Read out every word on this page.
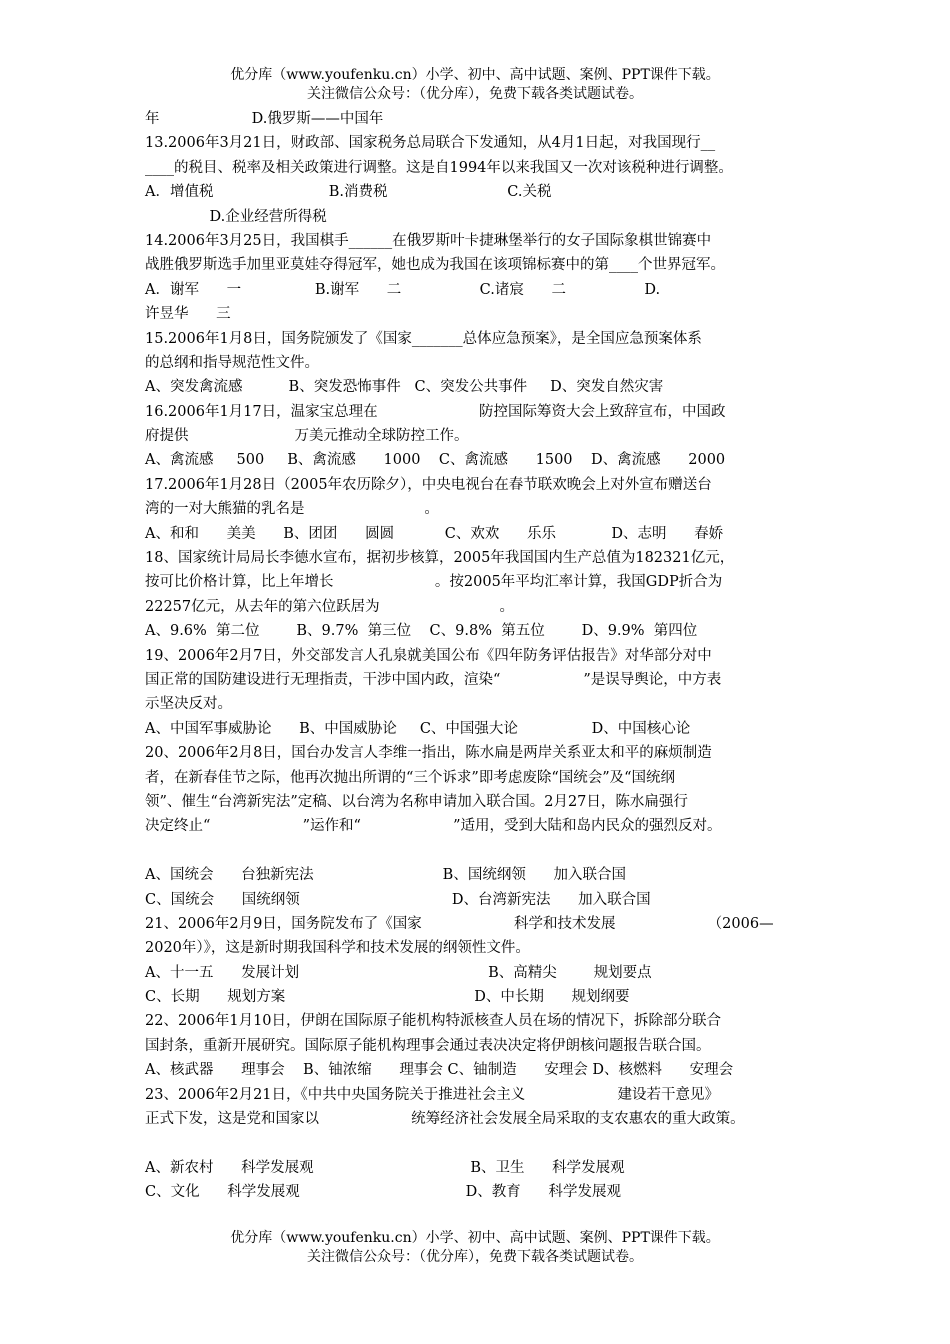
优分库（www.youfenku.cn）小学、初中、高中试题、案例、PPT课件下载。
关注微信公众号：（优分库），免费下载各类试题试卷。
年                    D.俄罗斯——中国年
13.2006年3月21日，财政部、国家税务总局联合下发通知，从4月1日起，对我国现行__
____的税目、税率及相关政策进行调整。这是自1994年以来我国又一次对该税种进行调整。
A．增值税                         B.消费税                          C.关税
D.企业经营所得税
14.2006年3月25日，我国棋手______在俄罗斯叶卡捷琳堡举行的女子国际象棋世锦赛中
战胜俄罗斯选手加里亚莫娃夺得冠军，她也成为我国在该项锦标赛中的第____个世界冠军。
A．谢军      一                B.谢军      二                 C.诸宸      二                 D.
许昱华      三
15.2006年1月8日，国务院颁发了《国家_______总体应急预案》，是全国应急预案体系
的总纲和指导规范性文件。
A、突发禽流感          B、突发恐怖事件   C、突发公共事件     D、突发自然灾害
16.2006年1月17日，温家宝总理在                      防控国际筹资大会上致辞宣布，中国政
府提供                       万美元推动全球防控工作。
A、禽流感     500     B、禽流感      1000    C、禽流感      1500    D、禽流感      2000
17.2006年1月28日（2005年农历除夕），中央电视台在春节联欢晚会上对外宣布赠送台
湾的一对大熊猫的乳名是                          。
A、和和      美美      B、团团      圆圆           C、欢欢      乐乐            D、志明      春娇
18、国家统计局局长李德水宣布，据初步核算，2005年我国国内生产总值为182321亿元，
按可比价格计算，比上年增长                      。按2005年平均汇率计算，我国GDP折合为
22257亿元，从去年的第六位跃居为                          。
A、9.6%  第二位        B、9.7%  第三位    C、9.8%  第五位        D、9.9%  第四位
19、2006年2月7日，外交部发言人孔泉就美国公布《四年防务评估报告》对华部分对中
国正常的国防建设进行无理指责，干涉中国内政，渲染“                  ”是误导舆论，中方表
示坚决反对。
A、中国军事威胁论      B、中国威胁论     C、中国强大论                D、中国核心论
20、2006年2月8日，国台办发言人李维一指出，陈水扁是两岸关系亚太和平的麻烦制造
者，在新春佳节之际，他再次抛出所谓的“三个诉求”即考虑废除“国统会”及“国统纲
领”、催生“台湾新宪法”定稿、以台湾为名称申请加入联合国。2月27日，陈水扁强行
决定终止“                    ”运作和“                    ”适用，受到大陆和岛内民众的强烈反对。
A、国统会      台独新宪法                            B、国统纲领      加入联合国
C、国统会      国统纲领                                 D、台湾新宪法      加入联合国
21、2006年2月9日，国务院发布了《国家                    科学和技术发展                    （2006—
2020年）》，这是新时期我国科学和技术发展的纲领性文件。
A、十一五      发展计划                                         B、高精尖        规划要点
C、长期      规划方案                                         D、中长期      规划纲要
22、2006年1月10日，伊朗在国际原子能机构特派核查人员在场的情况下，拆除部分联合
国封条，重新开展研究。国际原子能机构理事会通过表决决定将伊朗核问题报告联合国。
A、核武器      理事会    B、铀浓缩      理事会 C、铀制造      安理会 D、核燃料      安理会
23、2006年2月21日，《中共中央国务院关于推进社会主义                    建设若干意见》
正式下发，这是党和国家以                    统筹经济社会发展全局采取的支农惠农的重大政策。
A、新农村      科学发展观                                  B、卫生      科学发展观
C、文化      科学发展观                                    D、教育      科学发展观
优分库（www.youfenku.cn）小学、初中、高中试题、案例、PPT课件下载。
关注微信公众号：（优分库），免费下载各类试题试卷。
